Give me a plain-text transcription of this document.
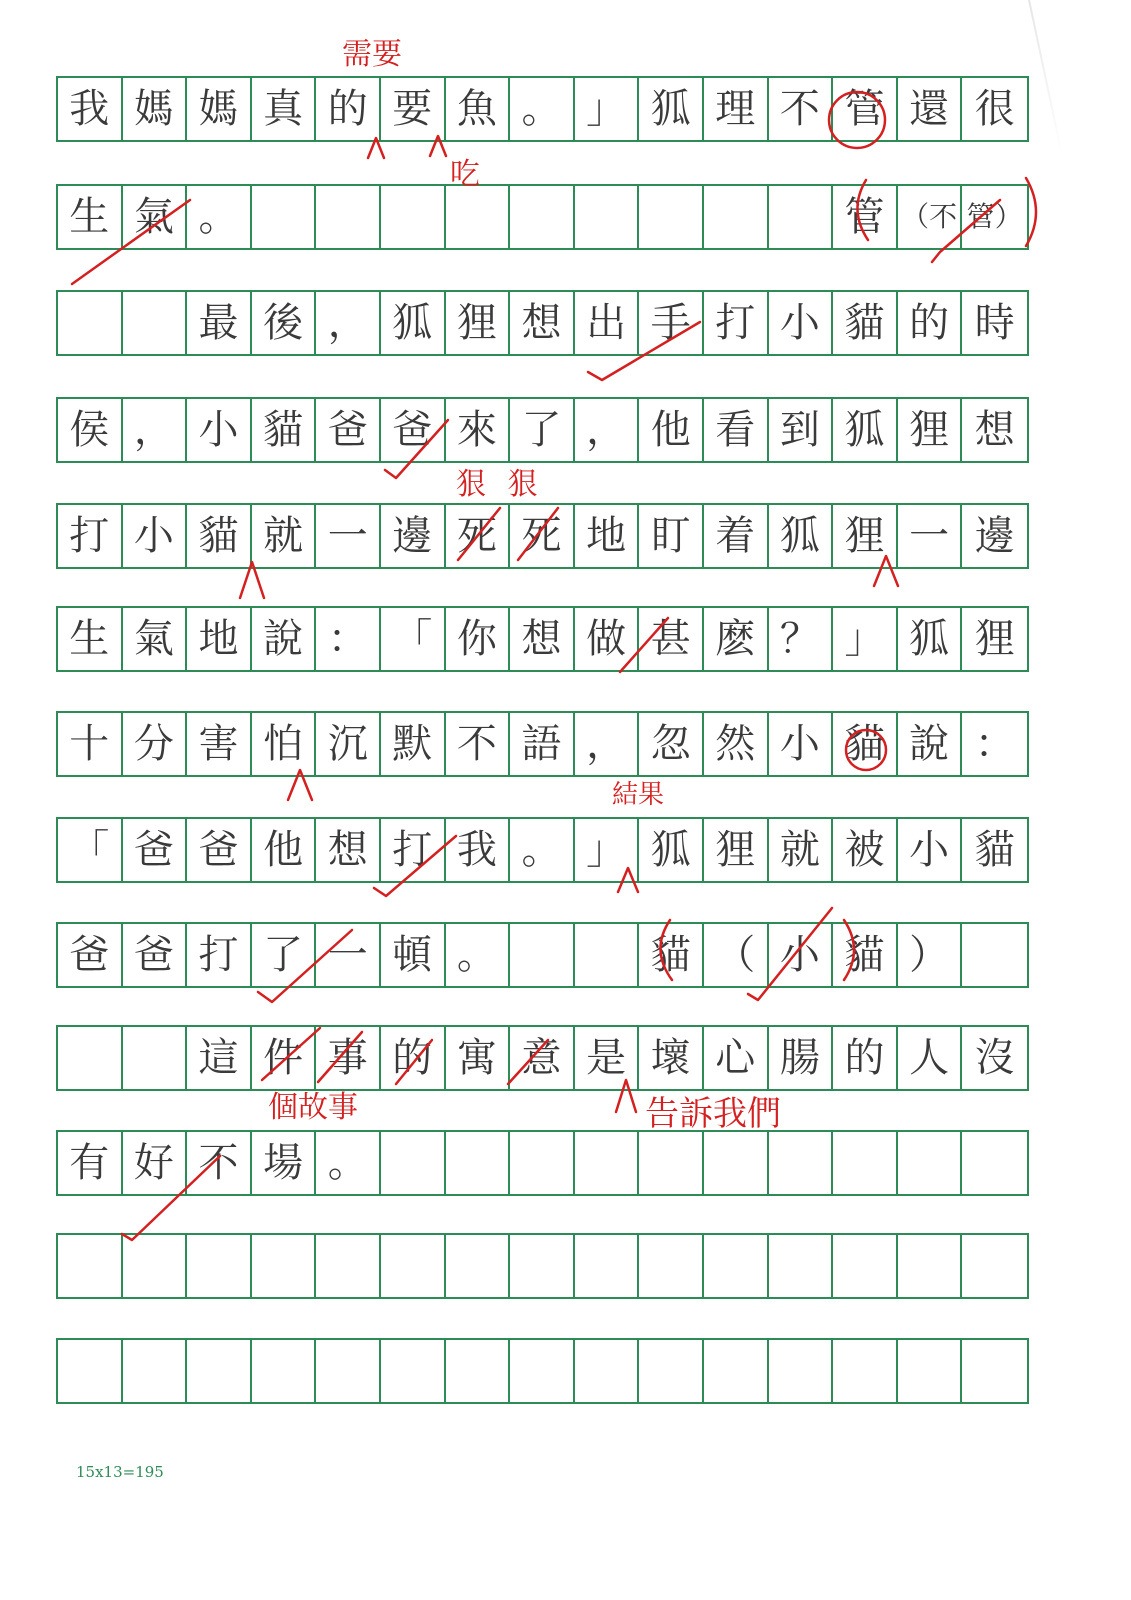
我 媽 媽 真 的 要 魚 。 」 狐 理 不 管 還 很
生 氣 。	管 （不 管）
最 後 ， 狐 狸 想 出 手 打 小 貓 的 時
侯 ， 小 貓 爸 爸 來 了 ， 他 看 到 狐 狸 想
打 小 貓 就 一 邊 死 死 地 盯 着 狐 狸 一 邊
生 氣 地 說 ： 「 你 想 做 甚 麽 ？ 」 狐 狸
十 分 害 怕 沉 默 不 語 ， 忽 然 小 貓 說 ：
「 爸 爸 他 想 打 我 。 」 狐 狸 就 被 小 貓
爸 爸 打 了 一 頓 。	貓 （ 小 貓 ）
這 件 事 的 寓 意 是 壞 心 腸 的 人 沒
有 好 不 場 。
需要
吃
狠 狠
結果
個故事	告訴我們
15x13=195
